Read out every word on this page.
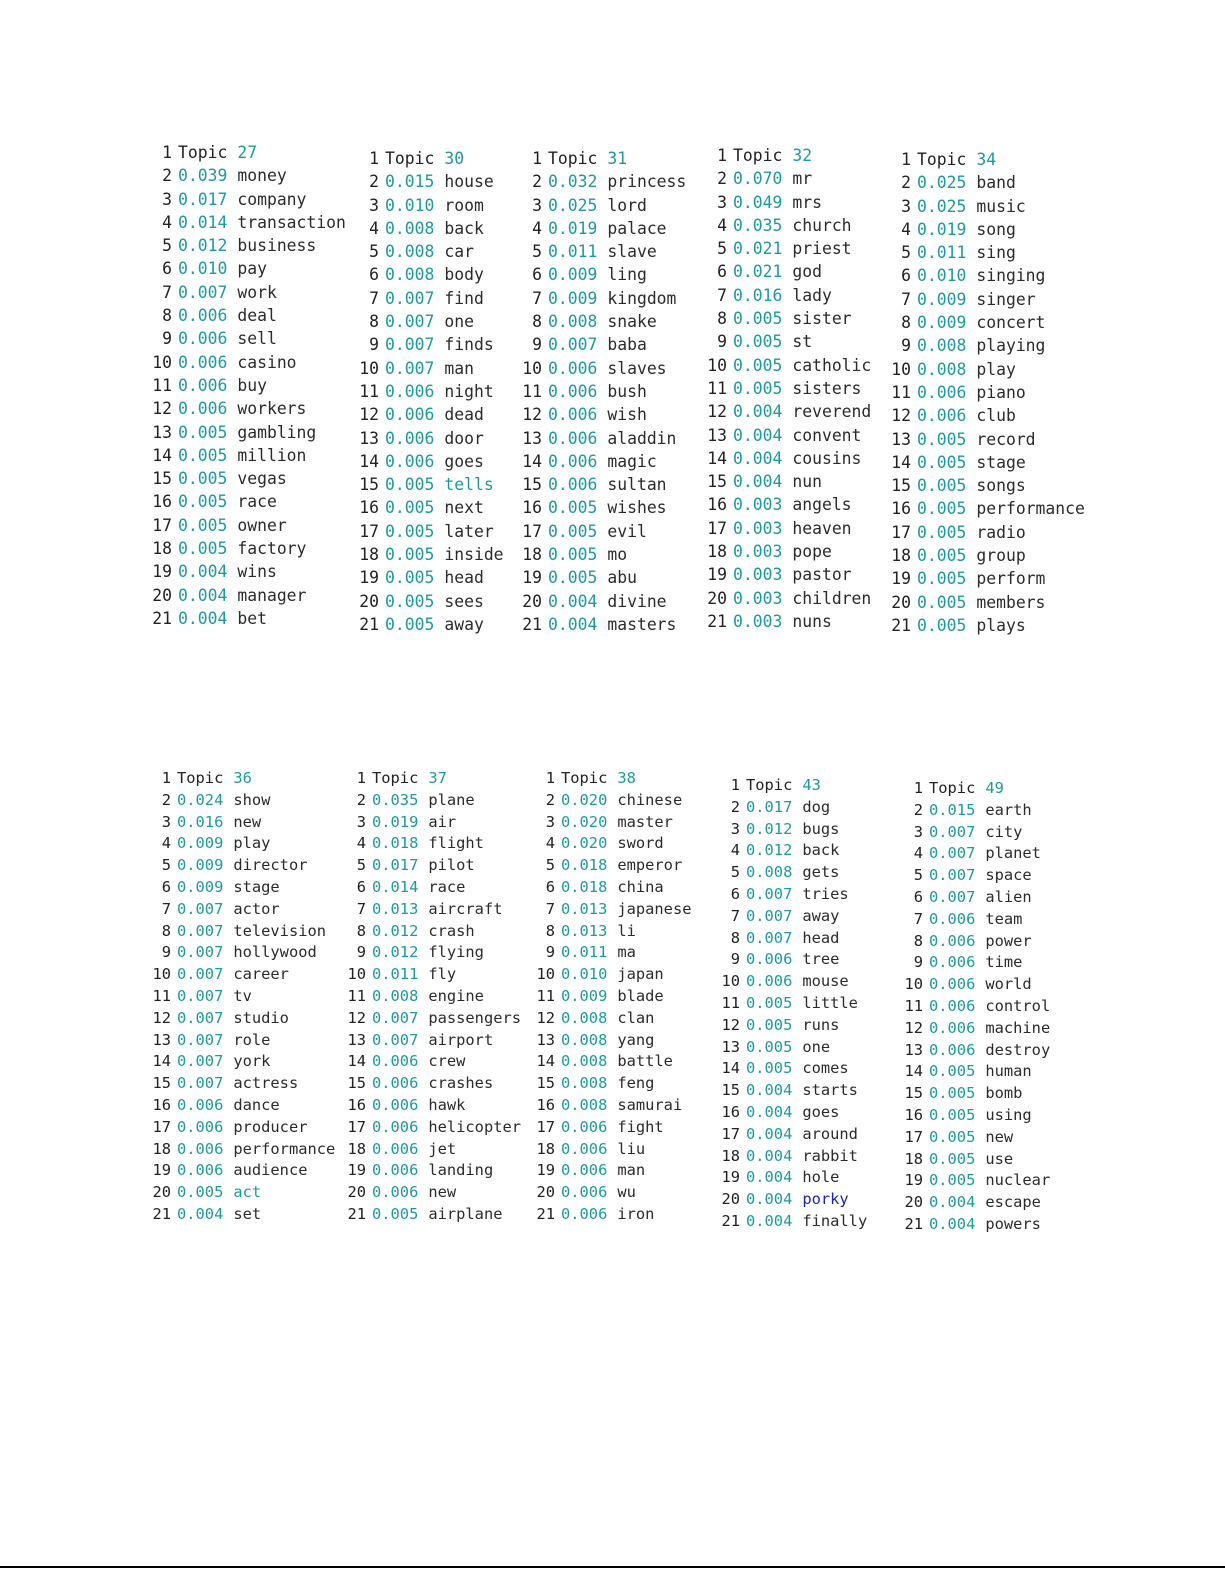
1 Topic 27
2 0.039 money
3 0.017 company
4 0.014 transaction
5 0.012 business
6 0.010 pay
7 0.007 work
8 0.006 deal
9 0.006 sell
10 0.006 casino
11 0.006 buy
12 0.006 workers
13 0.005 gambling
14 0.005 million
15 0.005 vegas
16 0.005 race
17 0.005 owner
18 0.005 factory
19 0.004 wins
20 0.004 manager
21 0.004 bet
1 Topic 30
2 0.015 house
3 0.010 room
4 0.008 back
5 0.008 car
6 0.008 body
7 0.007 find
8 0.007 one
9 0.007 finds
10 0.007 man
11 0.006 night
12 0.006 dead
13 0.006 door
14 0.006 goes
15 0.005 tells
16 0.005 next
17 0.005 later
18 0.005 inside
19 0.005 head
20 0.005 sees
21 0.005 away
1 Topic 31
2 0.032 princess
3 0.025 lord
4 0.019 palace
5 0.011 slave
6 0.009 ling
7 0.009 kingdom
8 0.008 snake
9 0.007 baba
10 0.006 slaves
11 0.006 bush
12 0.006 wish
13 0.006 aladdin
14 0.006 magic
15 0.006 sultan
16 0.005 wishes
17 0.005 evil
18 0.005 mo
19 0.005 abu
20 0.004 divine
21 0.004 masters
1 Topic 32
2 0.070 mr
3 0.049 mrs
4 0.035 church
5 0.021 priest
6 0.021 god
7 0.016 lady
8 0.005 sister
9 0.005 st
10 0.005 catholic
11 0.005 sisters
12 0.004 reverend
13 0.004 convent
14 0.004 cousins
15 0.004 nun
16 0.003 angels
17 0.003 heaven
18 0.003 pope
19 0.003 pastor
20 0.003 children
21 0.003 nuns
1 Topic 34
2 0.025 band
3 0.025 music
4 0.019 song
5 0.011 sing
6 0.010 singing
7 0.009 singer
8 0.009 concert
9 0.008 playing
10 0.008 play
11 0.006 piano
12 0.006 club
13 0.005 record
14 0.005 stage
15 0.005 songs
16 0.005 performance
17 0.005 radio
18 0.005 group
19 0.005 perform
20 0.005 members
21 0.005 plays
1 Topic 36
2 0.024 show
3 0.016 new
4 0.009 play
5 0.009 director
6 0.009 stage
7 0.007 actor
8 0.007 television
9 0.007 hollywood
10 0.007 career
11 0.007 tv
12 0.007 studio
13 0.007 role
14 0.007 york
15 0.007 actress
16 0.006 dance
17 0.006 producer
18 0.006 performance
19 0.006 audience
20 0.005 act
21 0.004 set
1 Topic 37
2 0.035 plane
3 0.019 air
4 0.018 flight
5 0.017 pilot
6 0.014 race
7 0.013 aircraft
8 0.012 crash
9 0.012 flying
10 0.011 fly
11 0.008 engine
12 0.007 passengers
13 0.007 airport
14 0.006 crew
15 0.006 crashes
16 0.006 hawk
17 0.006 helicopter
18 0.006 jet
19 0.006 landing
20 0.006 new
21 0.005 airplane
1 Topic 38
2 0.020 chinese
3 0.020 master
4 0.020 sword
5 0.018 emperor
6 0.018 china
7 0.013 japanese
8 0.013 li
9 0.011 ma
10 0.010 japan
11 0.009 blade
12 0.008 clan
13 0.008 yang
14 0.008 battle
15 0.008 feng
16 0.008 samurai
17 0.006 fight
18 0.006 liu
19 0.006 man
20 0.006 wu
21 0.006 iron
1 Topic 43
2 0.017 dog
3 0.012 bugs
4 0.012 back
5 0.008 gets
6 0.007 tries
7 0.007 away
8 0.007 head
9 0.006 tree
10 0.006 mouse
11 0.005 little
12 0.005 runs
13 0.005 one
14 0.005 comes
15 0.004 starts
16 0.004 goes
17 0.004 around
18 0.004 rabbit
19 0.004 hole
20 0.004 porky
21 0.004 finally
1 Topic 49
2 0.015 earth
3 0.007 city
4 0.007 planet
5 0.007 space
6 0.007 alien
7 0.006 team
8 0.006 power
9 0.006 time
10 0.006 world
11 0.006 control
12 0.006 machine
13 0.006 destroy
14 0.005 human
15 0.005 bomb
16 0.005 using
17 0.005 new
18 0.005 use
19 0.005 nuclear
20 0.004 escape
21 0.004 powers
